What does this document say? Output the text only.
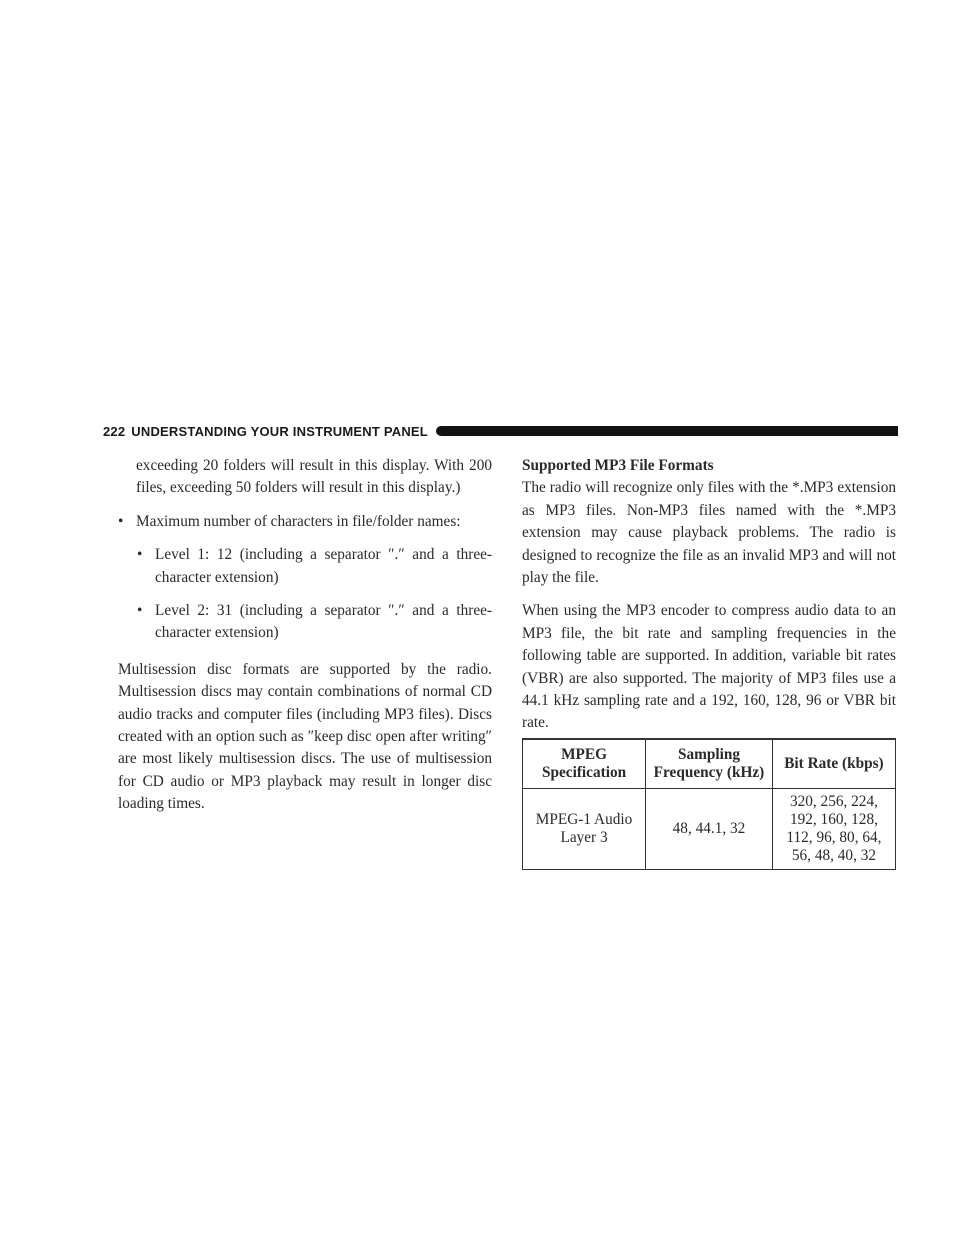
222 UNDERSTANDING YOUR INSTRUMENT PANEL

exceeding 20 folders will result in this display. With 200 files, exceeding 50 folders will result in this display.)

• Maximum number of characters in file/folder names:
• Level 1: 12 (including a separator ″.″ and a three-character extension)
• Level 2: 31 (including a separator ″.″ and a three-character extension)

Multisession disc formats are supported by the radio. Multisession discs may contain combinations of normal CD audio tracks and computer files (including MP3 files). Discs created with an option such as ″keep disc open after writing″ are most likely multisession discs. The use of multisession for CD audio or MP3 playback may result in longer disc loading times.

Supported MP3 File Formats

The radio will recognize only files with the *.MP3 extension as MP3 files. Non-MP3 files named with the *.MP3 extension may cause playback problems. The radio is designed to recognize the file as an invalid MP3 and will not play the file.

When using the MP3 encoder to compress audio data to an MP3 file, the bit rate and sampling frequencies in the following table are supported. In addition, variable bit rates (VBR) are also supported. The majority of MP3 files use a 44.1 kHz sampling rate and a 192, 160, 128, 96 or VBR bit rate.

MPEG Specification	Sampling Frequency (kHz)	Bit Rate (kbps)
MPEG-1 Audio Layer 3	48, 44.1, 32	320, 256, 224, 192, 160, 128, 112, 96, 80, 64, 56, 48, 40, 32
